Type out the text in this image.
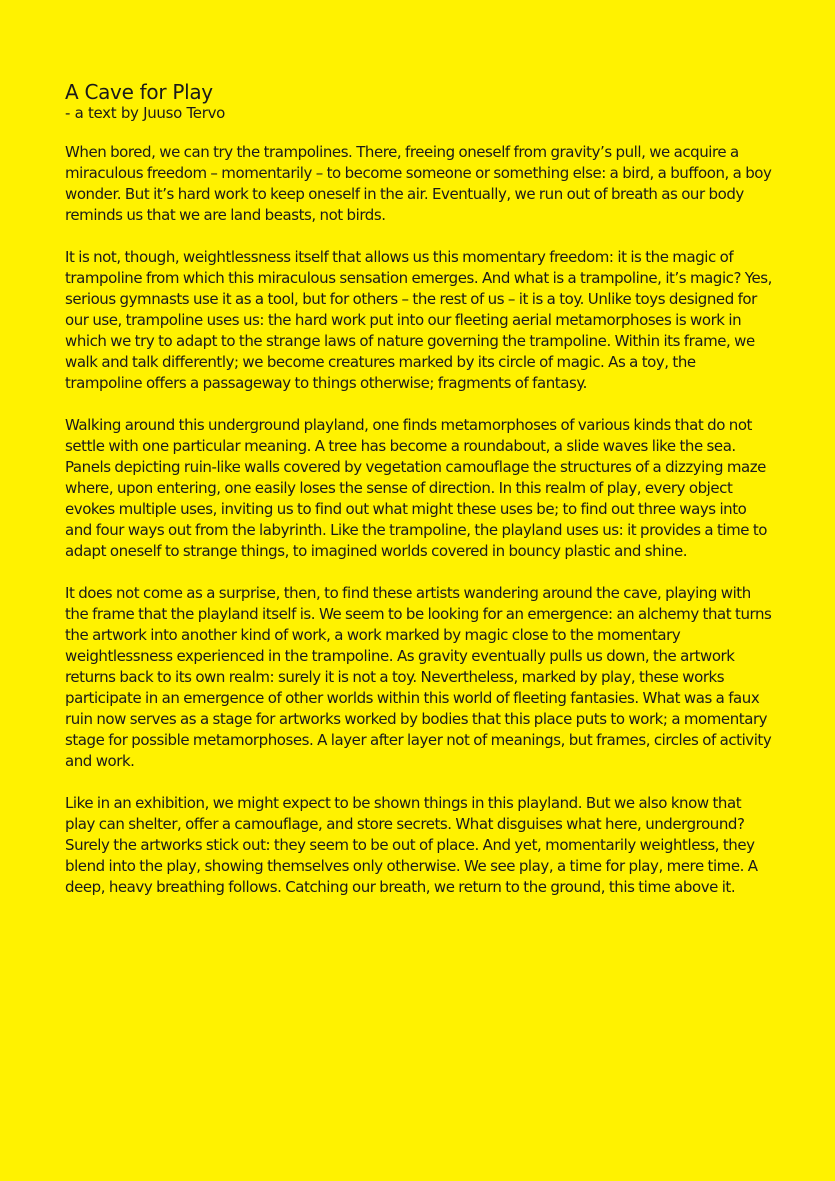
A Cave for Play
- a text by Juuso Tervo

When bored, we can try the trampolines. There, freeing oneself from gravity’s pull, we acquire a miraculous freedom – momentarily – to become someone or something else: a bird, a buffoon, a boy wonder. But it’s hard work to keep oneself in the air. Eventually, we run out of breath as our body reminds us that we are land beasts, not birds.

It is not, though, weightlessness itself that allows us this momentary freedom: it is the magic of trampoline from which this miraculous sensation emerges. And what is a trampoline, it’s magic? Yes, serious gymnasts use it as a tool, but for others – the rest of us – it is a toy. Unlike toys designed for our use, trampoline uses us: the hard work put into our fleeting aerial metamorphoses is work in which we try to adapt to the strange laws of nature governing the trampoline. Within its frame, we walk and talk differently; we become creatures marked by its circle of magic. As a toy, the trampoline offers a passageway to things otherwise; fragments of fantasy.

Walking around this underground playland, one finds metamorphoses of various kinds that do not settle with one particular meaning. A tree has become a roundabout, a slide waves like the sea. Panels depicting ruin-like walls covered by vegetation camouflage the structures of a dizzying maze where, upon entering, one easily loses the sense of direction. In this realm of play, every object evokes multiple uses, inviting us to find out what might these uses be; to find out three ways into and four ways out from the labyrinth. Like the trampoline, the playland uses us: it provides a time to adapt oneself to strange things, to imagined worlds covered in bouncy plastic and shine.

It does not come as a surprise, then, to find these artists wandering around the cave, playing with the frame that the playland itself is. We seem to be looking for an emergence: an alchemy that turns the artwork into another kind of work, a work marked by magic close to the momentary weightlessness experienced in the trampoline. As gravity eventually pulls us down, the artwork returns back to its own realm: surely it is not a toy. Nevertheless, marked by play, these works participate in an emergence of other worlds within this world of fleeting fantasies. What was a faux ruin now serves as a stage for artworks worked by bodies that this place puts to work; a momentary stage for possible metamorphoses. A layer after layer not of meanings, but frames, circles of activity and work.

Like in an exhibition, we might expect to be shown things in this playland. But we also know that play can shelter, offer a camouflage, and store secrets. What disguises what here, underground? Surely the artworks stick out: they seem to be out of place. And yet, momentarily weightless, they blend into the play, showing themselves only otherwise. We see play, a time for play, mere time. A deep, heavy breathing follows. Catching our breath, we return to the ground, this time above it.
